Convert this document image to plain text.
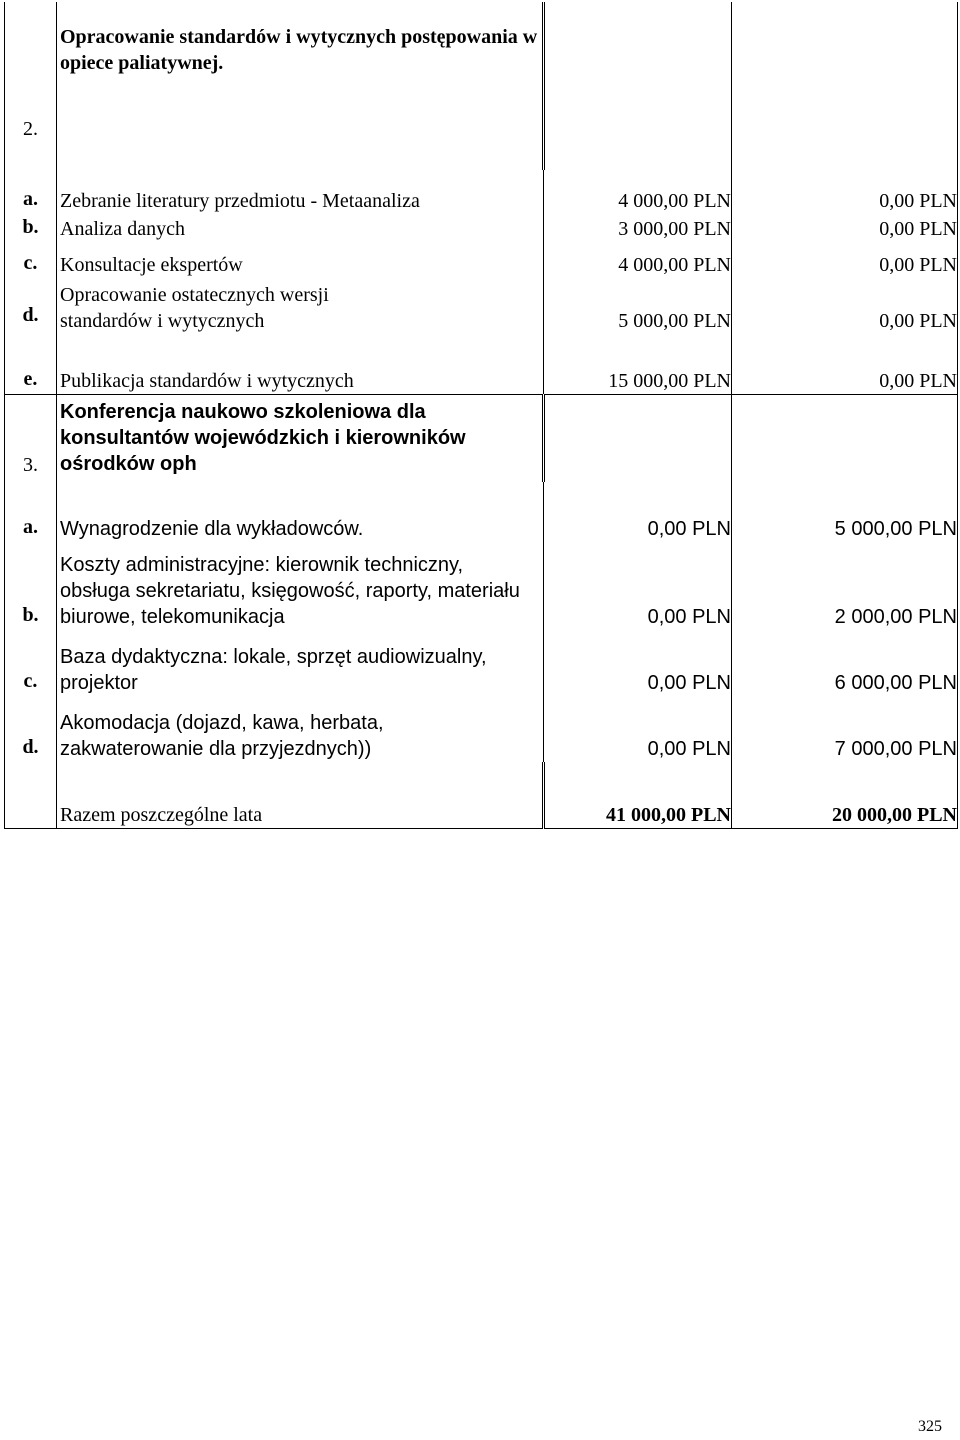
2.	Opracowanie standardów i wytycznych postępowania w opiece paliatywnej.		
a.	Zebranie literatury przedmiotu - Metaanaliza	4 000,00 PLN	0,00 PLN
b.	Analiza danych	3 000,00 PLN	0,00 PLN
c.	Konsultacje ekspertów	4 000,00 PLN	0,00 PLN
d.	Opracowanie ostatecznych wersji standardów i wytycznych	5 000,00 PLN	0,00 PLN
e.	Publikacja standardów i wytycznych	15 000,00 PLN	0,00 PLN
3.	Konferencja naukowo szkoleniowa dla konsultantów wojewódzkich i kierowników ośrodków oph		
a.	Wynagrodzenie dla wykładowców.	0,00 PLN	5 000,00 PLN
b.	Koszty administracyjne: kierownik techniczny, obsługa sekretariatu, księgowość, raporty, materiału biurowe, telekomunikacja	0,00 PLN	2 000,00 PLN
c.	Baza dydaktyczna: lokale, sprzęt audiowizualny, projektor	0,00 PLN	6 000,00 PLN
d.	Akomodacja (dojazd, kawa, herbata, zakwaterowanie dla przyjezdnych))	0,00 PLN	7 000,00 PLN
	Razem poszczególne lata	41 000,00 PLN	20 000,00 PLN
325
